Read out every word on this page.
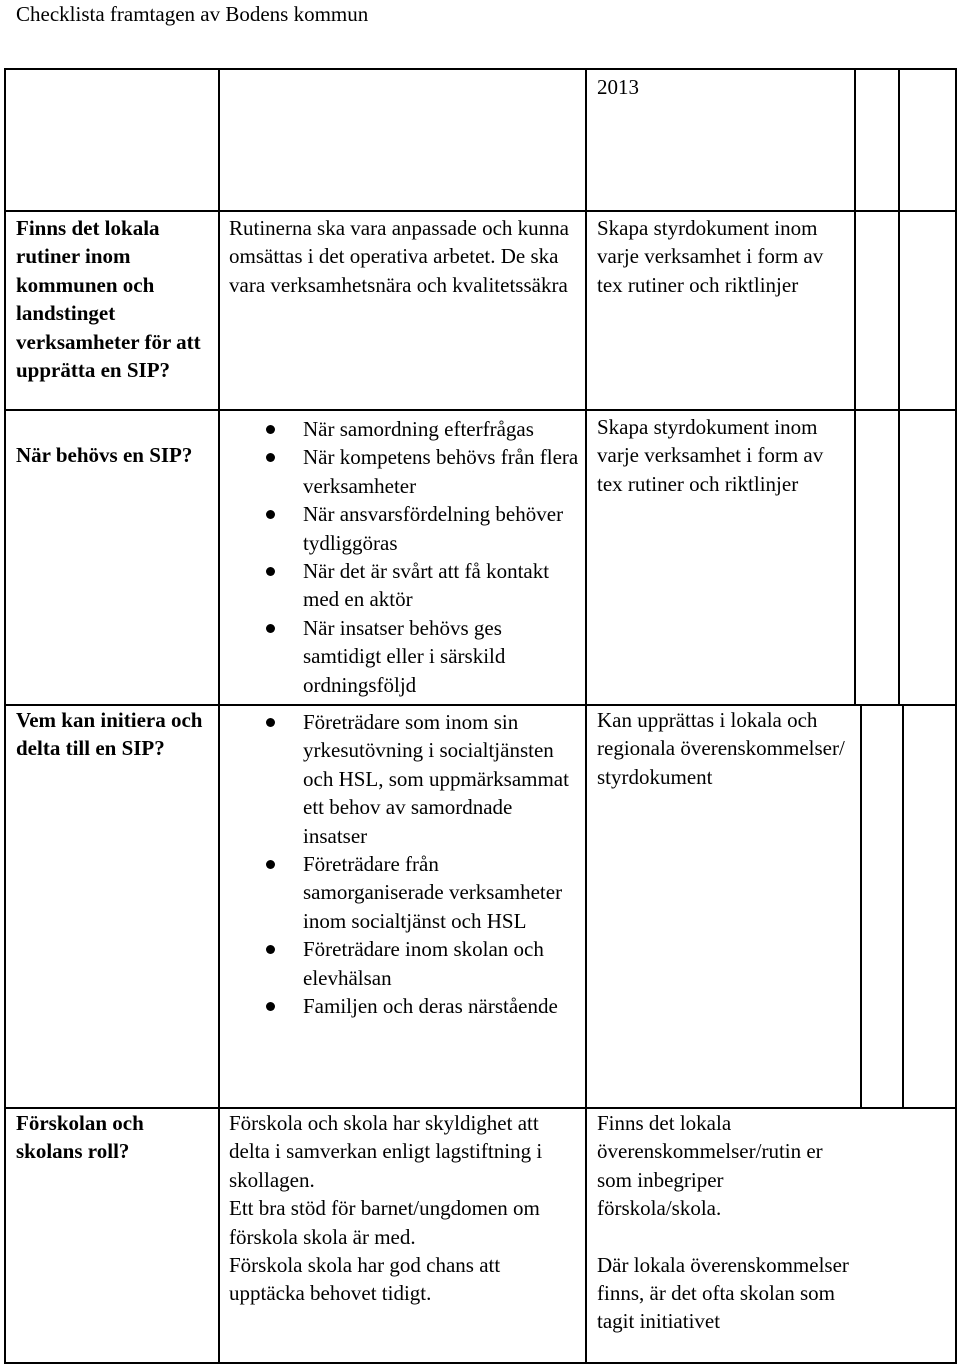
Checklista framtagen av Bodens kommun
2013
Finns det lokala rutiner inom kommunen och landstinget verksamheter för att upprätta en SIP?
När behövs en SIP?
Vem kan initiera och delta till en SIP?
Förskolan och skolans roll?
Rutinerna ska vara anpassade och kunna omsättas i det operativa arbetet. De ska vara verksamhetsnära och kvalitetssäkra
När samordning efterfrågas
När kompetens behövs från flera verksamheter
När ansvarsfördelning behöver tydliggöras
När det är svårt att få kontakt med en aktör
När insatser behövs ges samtidigt eller i särskild ordningsföljd
Företrädare som inom sin yrkesutövning i socialtjänsten och HSL, som uppmärksammat ett behov av samordnade insatser
Företrädare från samorganiserade verksamheter inom socialtjänst och HSL
Företrädare inom skolan och elevhälsan
Familjen och deras närstående

Förskola och skola har skyldighet att delta i samverkan enligt lagstiftning i skollagen.

Ett bra stöd för barnet/ungdomen om förskola skola är med.

Förskola skola har god chans att upptäcka behovet tidigt.

Skapa styrdokument inom varje verksamhet i form av tex rutiner och riktlinjer
Skapa styrdokument inom varje verksamhet i form av tex rutiner och riktlinjer
Kan upprättas i lokala och regionala överenskommelser/ styrdokument

Finns det lokala överenskommelser/rutin er som inbegriper förskola/skola.

Där lokala överenskommelser finns, är det ofta skolan som tagit initiativet
